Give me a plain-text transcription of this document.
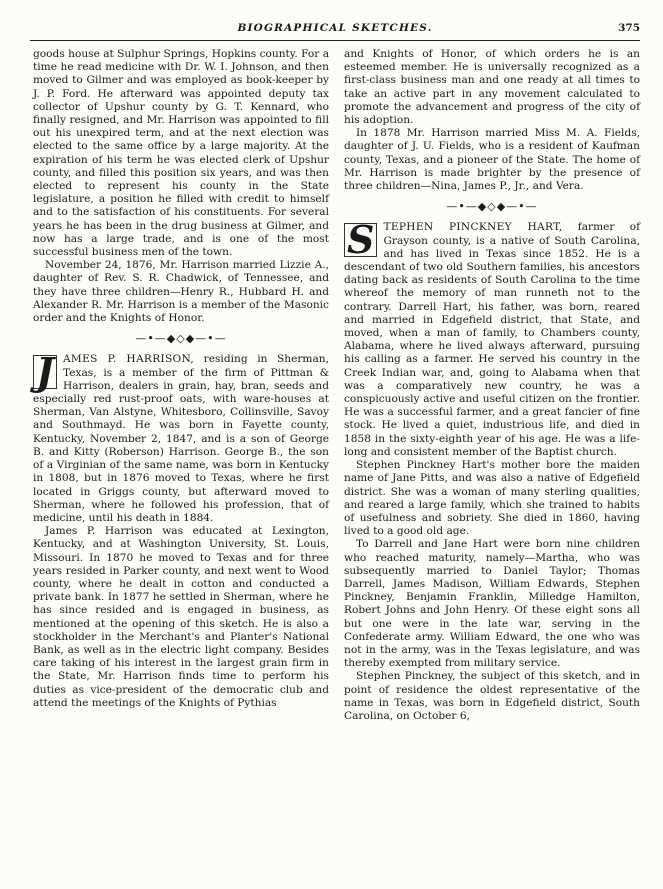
BIOGRAPHICAL SKETCHES.	375

goods house at Sulphur Springs, Hopkins county. For a time he read medicine with Dr. W. I. Johnson, and then moved to Gilmer and was employed as book-keeper by J. P. Ford. He afterward was appointed deputy tax collector of Upshur county by G. T. Kennard, who finally resigned, and Mr. Harrison was appointed to fill out his unexpired term, and at the next election was elected to the same office by a large majority. At the expiration of his term he was elected clerk of Upshur county, and filled this position six years, and was then elected to represent his county in the State legislature, a position he filled with credit to himself and to the satisfaction of his constituents. For several years he has been in the drug business at Gilmer, and now has a large trade, and is one of the most successful business men of the town.

November 24, 1876, Mr. Harrison married Lizzie A., daughter of Rev. S. R. Chadwick, of Tennessee, and they have three children—Henry R., Hubbard H. and Alexander R. Mr. Harrison is a member of the Masonic order and the Knights of Honor.

—•—◆◇◆—•—

J AMES P. HARRISON, residing in Sherman, Texas, is a member of the firm of Pittman & Harrison, dealers in grain, hay, bran, seeds and especially red rust-proof oats, with ware-houses at Sherman, Van Alstyne, Whitesboro, Collinsville, Savoy and Southmayd. He was born in Fayette county, Kentucky, November 2, 1847, and is a son of George B. and Kitty (Roberson) Harrison. George B., the son of a Virginian of the same name, was born in Kentucky in 1808, but in 1876 moved to Texas, where he first located in Griggs county, but afterward moved to Sherman, where he followed his profession, that of medicine, until his death in 1884.

James P. Harrison was educated at Lexington, Kentucky, and at Washington University, St. Louis, Missouri. In 1870 he moved to Texas and for three years resided in Parker county, and next went to Wood county, where he dealt in cotton and conducted a private bank. In 1877 he settled in Sherman, where he has since resided and is engaged in business, as mentioned at the opening of this sketch. He is also a stockholder in the Merchant's and Planter's National Bank, as well as in the electric light company. Besides care taking of his interest in the largest grain firm in the State, Mr. Harrison finds time to perform his duties as vice-president of the democratic club and attend the meetings of the Knights of Pythias

and Knights of Honor, of which orders he is an esteemed member. He is universally recognized as a first-class business man and one ready at all times to take an active part in any movement calculated to promote the advancement and progress of the city of his adoption.

In 1878 Mr. Harrison married Miss M. A. Fields, daughter of J. U. Fields, who is a resident of Kaufman county, Texas, and a pioneer of the State. The home of Mr. Harrison is made brighter by the presence of three children—Nina, James P., Jr., and Vera.

—•—◆◇◆—•—

S TEPHEN PINCKNEY HART, farmer of Grayson county, is a native of South Carolina, and has lived in Texas since 1852. He is a descendant of two old Southern families, his ancestors dating back as residents of South Carolina to the time whereof the memory of man runneth not to the contrary. Darrell Hart, his father, was born, reared and married in Edgefield district, that State, and moved, when a man of family, to Chambers county, Alabama, where he lived always afterward, pursuing his calling as a farmer. He served his country in the Creek Indian war, and, going to Alabama when that was a comparatively new country, he was a conspicuously active and useful citizen on the frontier. He was a successful farmer, and a great fancier of fine stock. He lived a quiet, industrious life, and died in 1858 in the sixty-eighth year of his age. He was a life-long and consistent member of the Baptist church.

Stephen Pinckney Hart's mother bore the maiden name of Jane Pitts, and was also a native of Edgefield district. She was a woman of many sterling qualities, and reared a large family, which she trained to habits of usefulness and sobriety. She died in 1860, having lived to a good old age.

To Darrell and Jane Hart were born nine children who reached maturity, namely—Martha, who was subsequently married to Daniel Taylor; Thomas Darrell, James Madison, William Edwards, Stephen Pinckney, Benjamin Franklin, Milledge Hamilton, Robert Johns and John Henry. Of these eight sons all but one were in the late war, serving in the Confederate army. William Edward, the one who was not in the army, was in the Texas legislature, and was thereby exempted from military service.

Stephen Pinckney, the subject of this sketch, and in point of residence the oldest representative of the name in Texas, was born in Edgefield district, South Carolina, on October 6,
